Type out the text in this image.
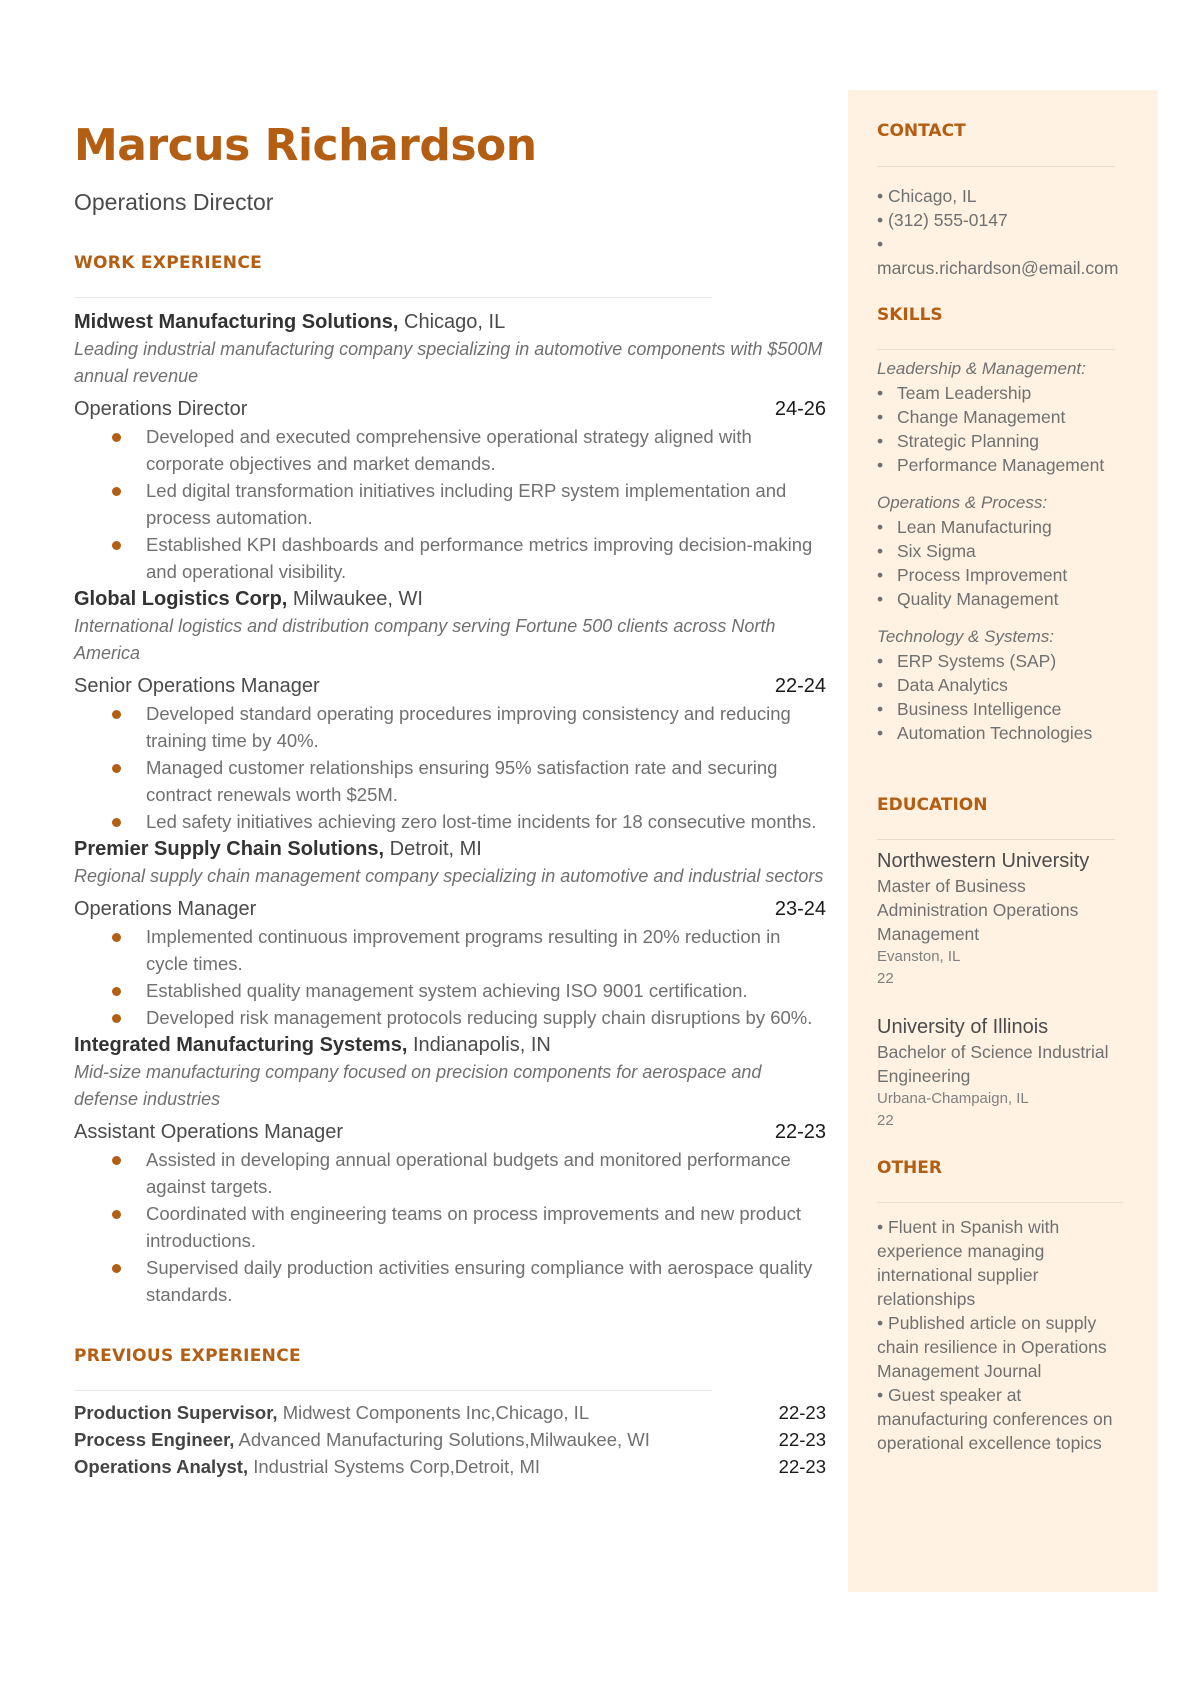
Marcus Richardson
Operations Director
WORK EXPERIENCE
Midwest Manufacturing Solutions, Chicago, IL
Leading industrial manufacturing company specializing in automotive components with $500M annual revenue
Operations Director	24-26
Developed and executed comprehensive operational strategy aligned with corporate objectives and market demands.
Led digital transformation initiatives including ERP system implementation and process automation.
Established KPI dashboards and performance metrics improving decision-making and operational visibility.
Global Logistics Corp, Milwaukee, WI
International logistics and distribution company serving Fortune 500 clients across North America
Senior Operations Manager	22-24
Developed standard operating procedures improving consistency and reducing training time by 40%.
Managed customer relationships ensuring 95% satisfaction rate and securing contract renewals worth $25M.
Led safety initiatives achieving zero lost-time incidents for 18 consecutive months.
Premier Supply Chain Solutions, Detroit, MI
Regional supply chain management company specializing in automotive and industrial sectors
Operations Manager	23-24
Implemented continuous improvement programs resulting in 20% reduction in cycle times.
Established quality management system achieving ISO 9001 certification.
Developed risk management protocols reducing supply chain disruptions by 60%.
Integrated Manufacturing Systems, Indianapolis, IN
Mid-size manufacturing company focused on precision components for aerospace and defense industries
Assistant Operations Manager	22-23
Assisted in developing annual operational budgets and monitored performance against targets.
Coordinated with engineering teams on process improvements and new product introductions.
Supervised daily production activities ensuring compliance with aerospace quality standards.
PREVIOUS EXPERIENCE
Production Supervisor, Midwest Components Inc,Chicago, IL	22-23
Process Engineer, Advanced Manufacturing Solutions,Milwaukee, WI	22-23
Operations Analyst, Industrial Systems Corp,Detroit, MI	22-23
CONTACT
• Chicago, IL
• (312) 555-0147
•
marcus.richardson@email.com
SKILLS
Leadership & Management:
• Team Leadership
• Change Management
• Strategic Planning
• Performance Management
Operations & Process:
• Lean Manufacturing
• Six Sigma
• Process Improvement
• Quality Management
Technology & Systems:
• ERP Systems (SAP)
• Data Analytics
• Business Intelligence
• Automation Technologies
EDUCATION
Northwestern University
Master of Business Administration Operations Management
Evanston, IL
22
University of Illinois
Bachelor of Science Industrial Engineering
Urbana-Champaign, IL
22
OTHER
• Fluent in Spanish with experience managing international supplier relationships
• Published article on supply chain resilience in Operations Management Journal
• Guest speaker at manufacturing conferences on operational excellence topics
